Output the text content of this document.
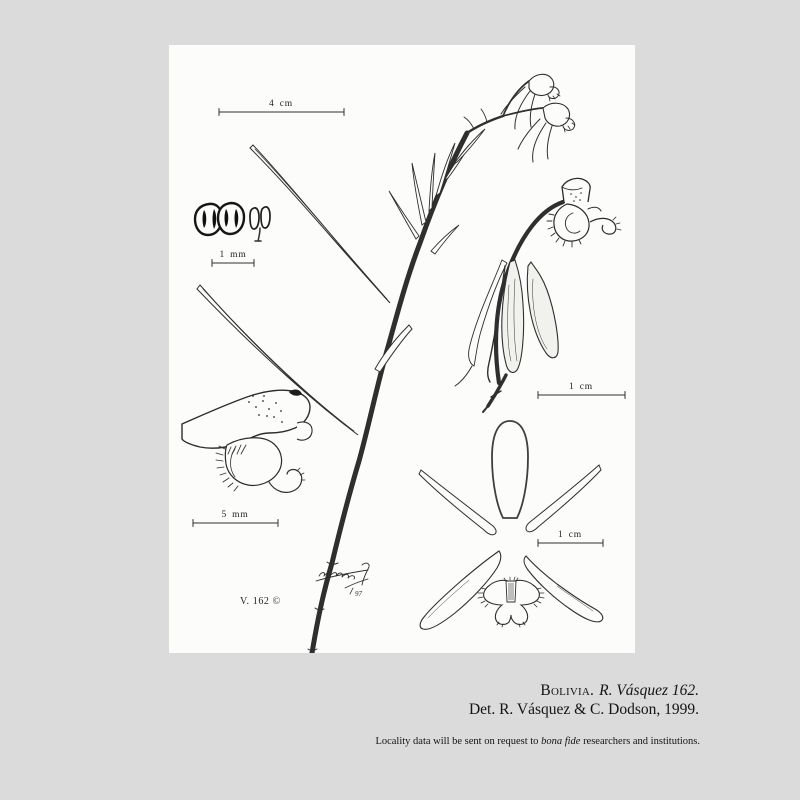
4 cm
1 mm
5 mm
1 cm
1 cm
V. 162 ©
97
Bolivia. R. Vásquez 162.
Det. R. Vásquez & C. Dodson, 1999.
Locality data will be sent on request to bona fide researchers and institutions.
